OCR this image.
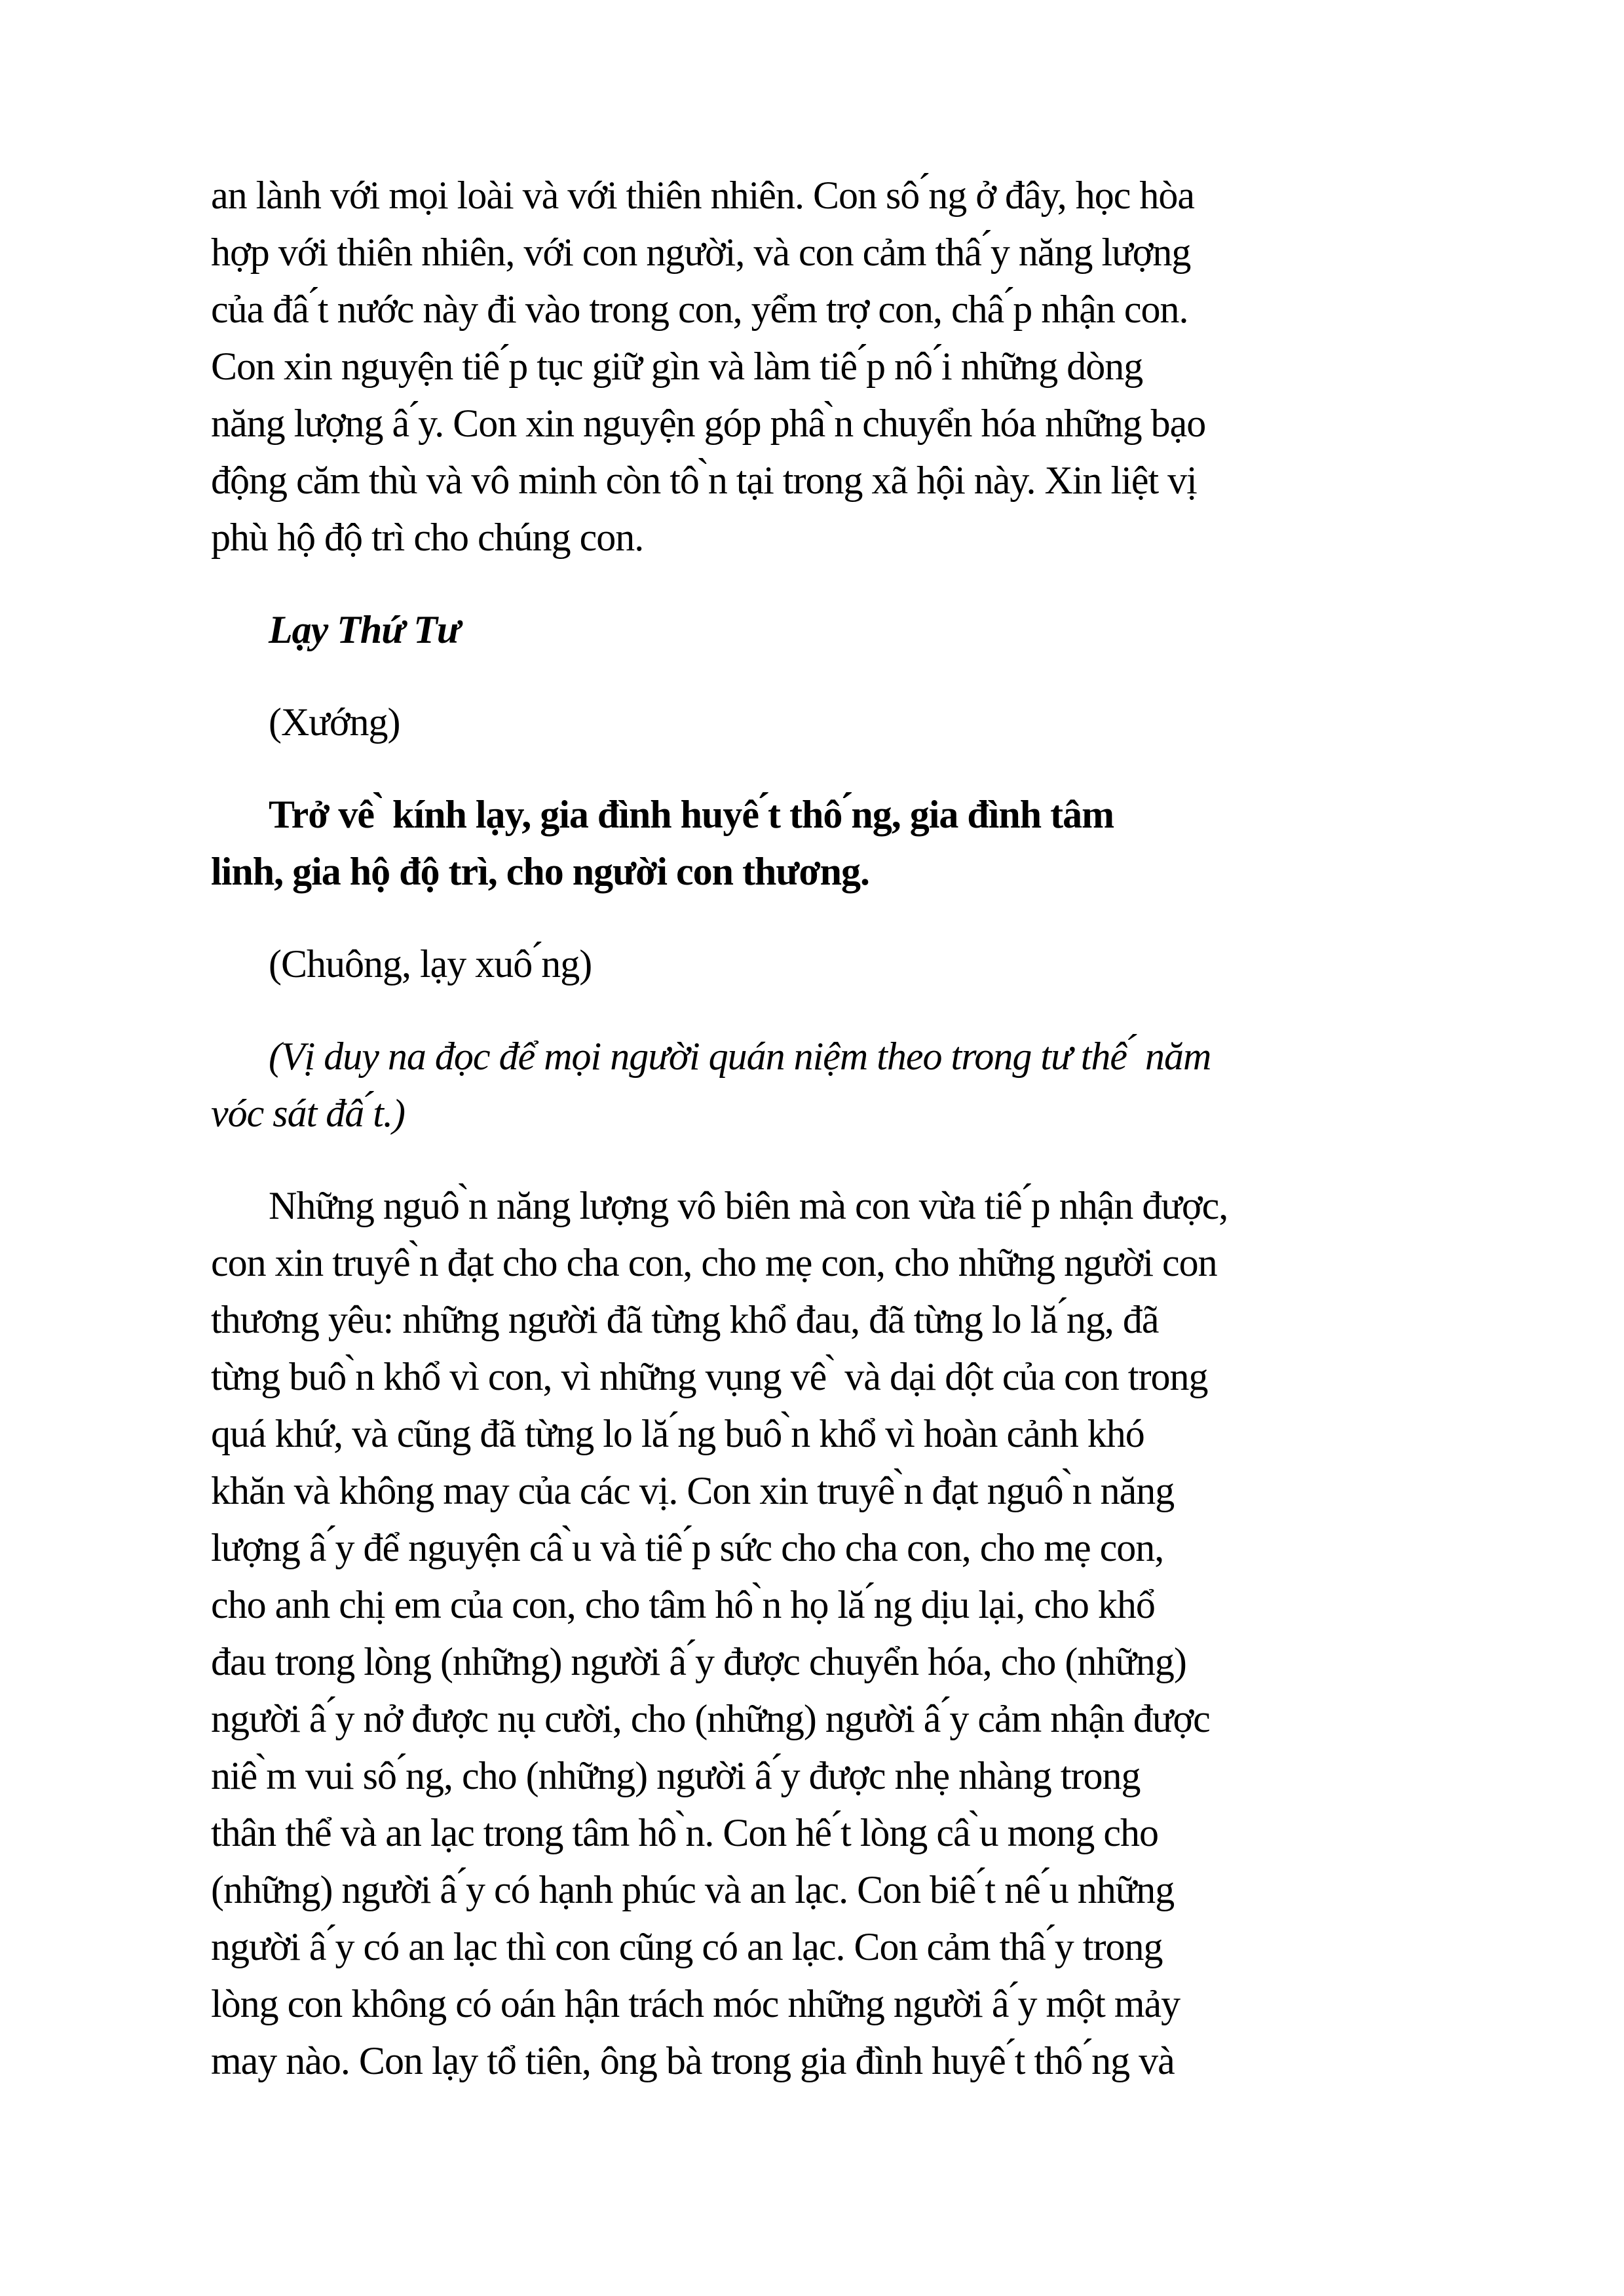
an lành với mọi loài và với thiên nhiên. Con sô ́ng ở đây, học hòa
hợp với thiên nhiên, với con người, và con cảm thâ ́y năng lượng
của đâ ́t nước này đi vào trong con, yểm trợ con, châ ́p nhận con.
Con xin nguyện tiê ́p tục giữ gìn và làm tiê ́p nô ́i những dòng
năng lượng â ́y. Con xin nguyện góp phâ ̀n chuyển hóa những bạo
động căm thù và vô minh còn tô ̀n tại trong xã hội này. Xin liệt vị
phù hộ độ trì cho chúng con.
Lạy Thứ Tư
(Xướng)
Trở vê ̀ kính lạy, gia đình huyê ́t thô ́ng, gia đình tâm
linh, gia hộ độ trì, cho người con thương.
(Chuông, lạy xuô ́ng)
(Vị duy na đọc để mọi người quán niệm theo trong tư thê ́ năm
vóc sát đâ ́t.)
Những nguô ̀n năng lượng vô biên mà con vừa tiê ́p nhận được,
con xin truyê ̀n đạt cho cha con, cho mẹ con, cho những người con
thương yêu: những người đã từng khổ đau, đã từng lo lă ́ng, đã
từng buô ̀n khổ vì con, vì những vụng vê ̀ và dại dột của con trong
quá khứ, và cũng đã từng lo lă ́ng buô ̀n khổ vì hoàn cảnh khó
khăn và không may của các vị. Con xin truyê ̀n đạt nguô ̀n năng
lượng â ́y để nguyện câ ̀u và tiê ́p sức cho cha con, cho mẹ con,
cho anh chị em của con, cho tâm hô ̀n họ lă ́ng dịu lại, cho khổ
đau trong lòng (những) người â ́y được chuyển hóa, cho (những)
người â ́y nở được nụ cười, cho (những) người â ́y cảm nhận được
niê ̀m vui sô ́ng, cho (những) người â ́y được nhẹ nhàng trong
thân thể và an lạc trong tâm hô ̀n. Con hê ́t lòng câ ̀u mong cho
(những) người â ́y có hạnh phúc và an lạc. Con biê ́t nê ́u những
người â ́y có an lạc thì con cũng có an lạc. Con cảm thâ ́y trong
lòng con không có oán hận trách móc những người â ́y một mảy
may nào. Con lạy tổ tiên, ông bà trong gia đình huyê ́t thô ́ng và
